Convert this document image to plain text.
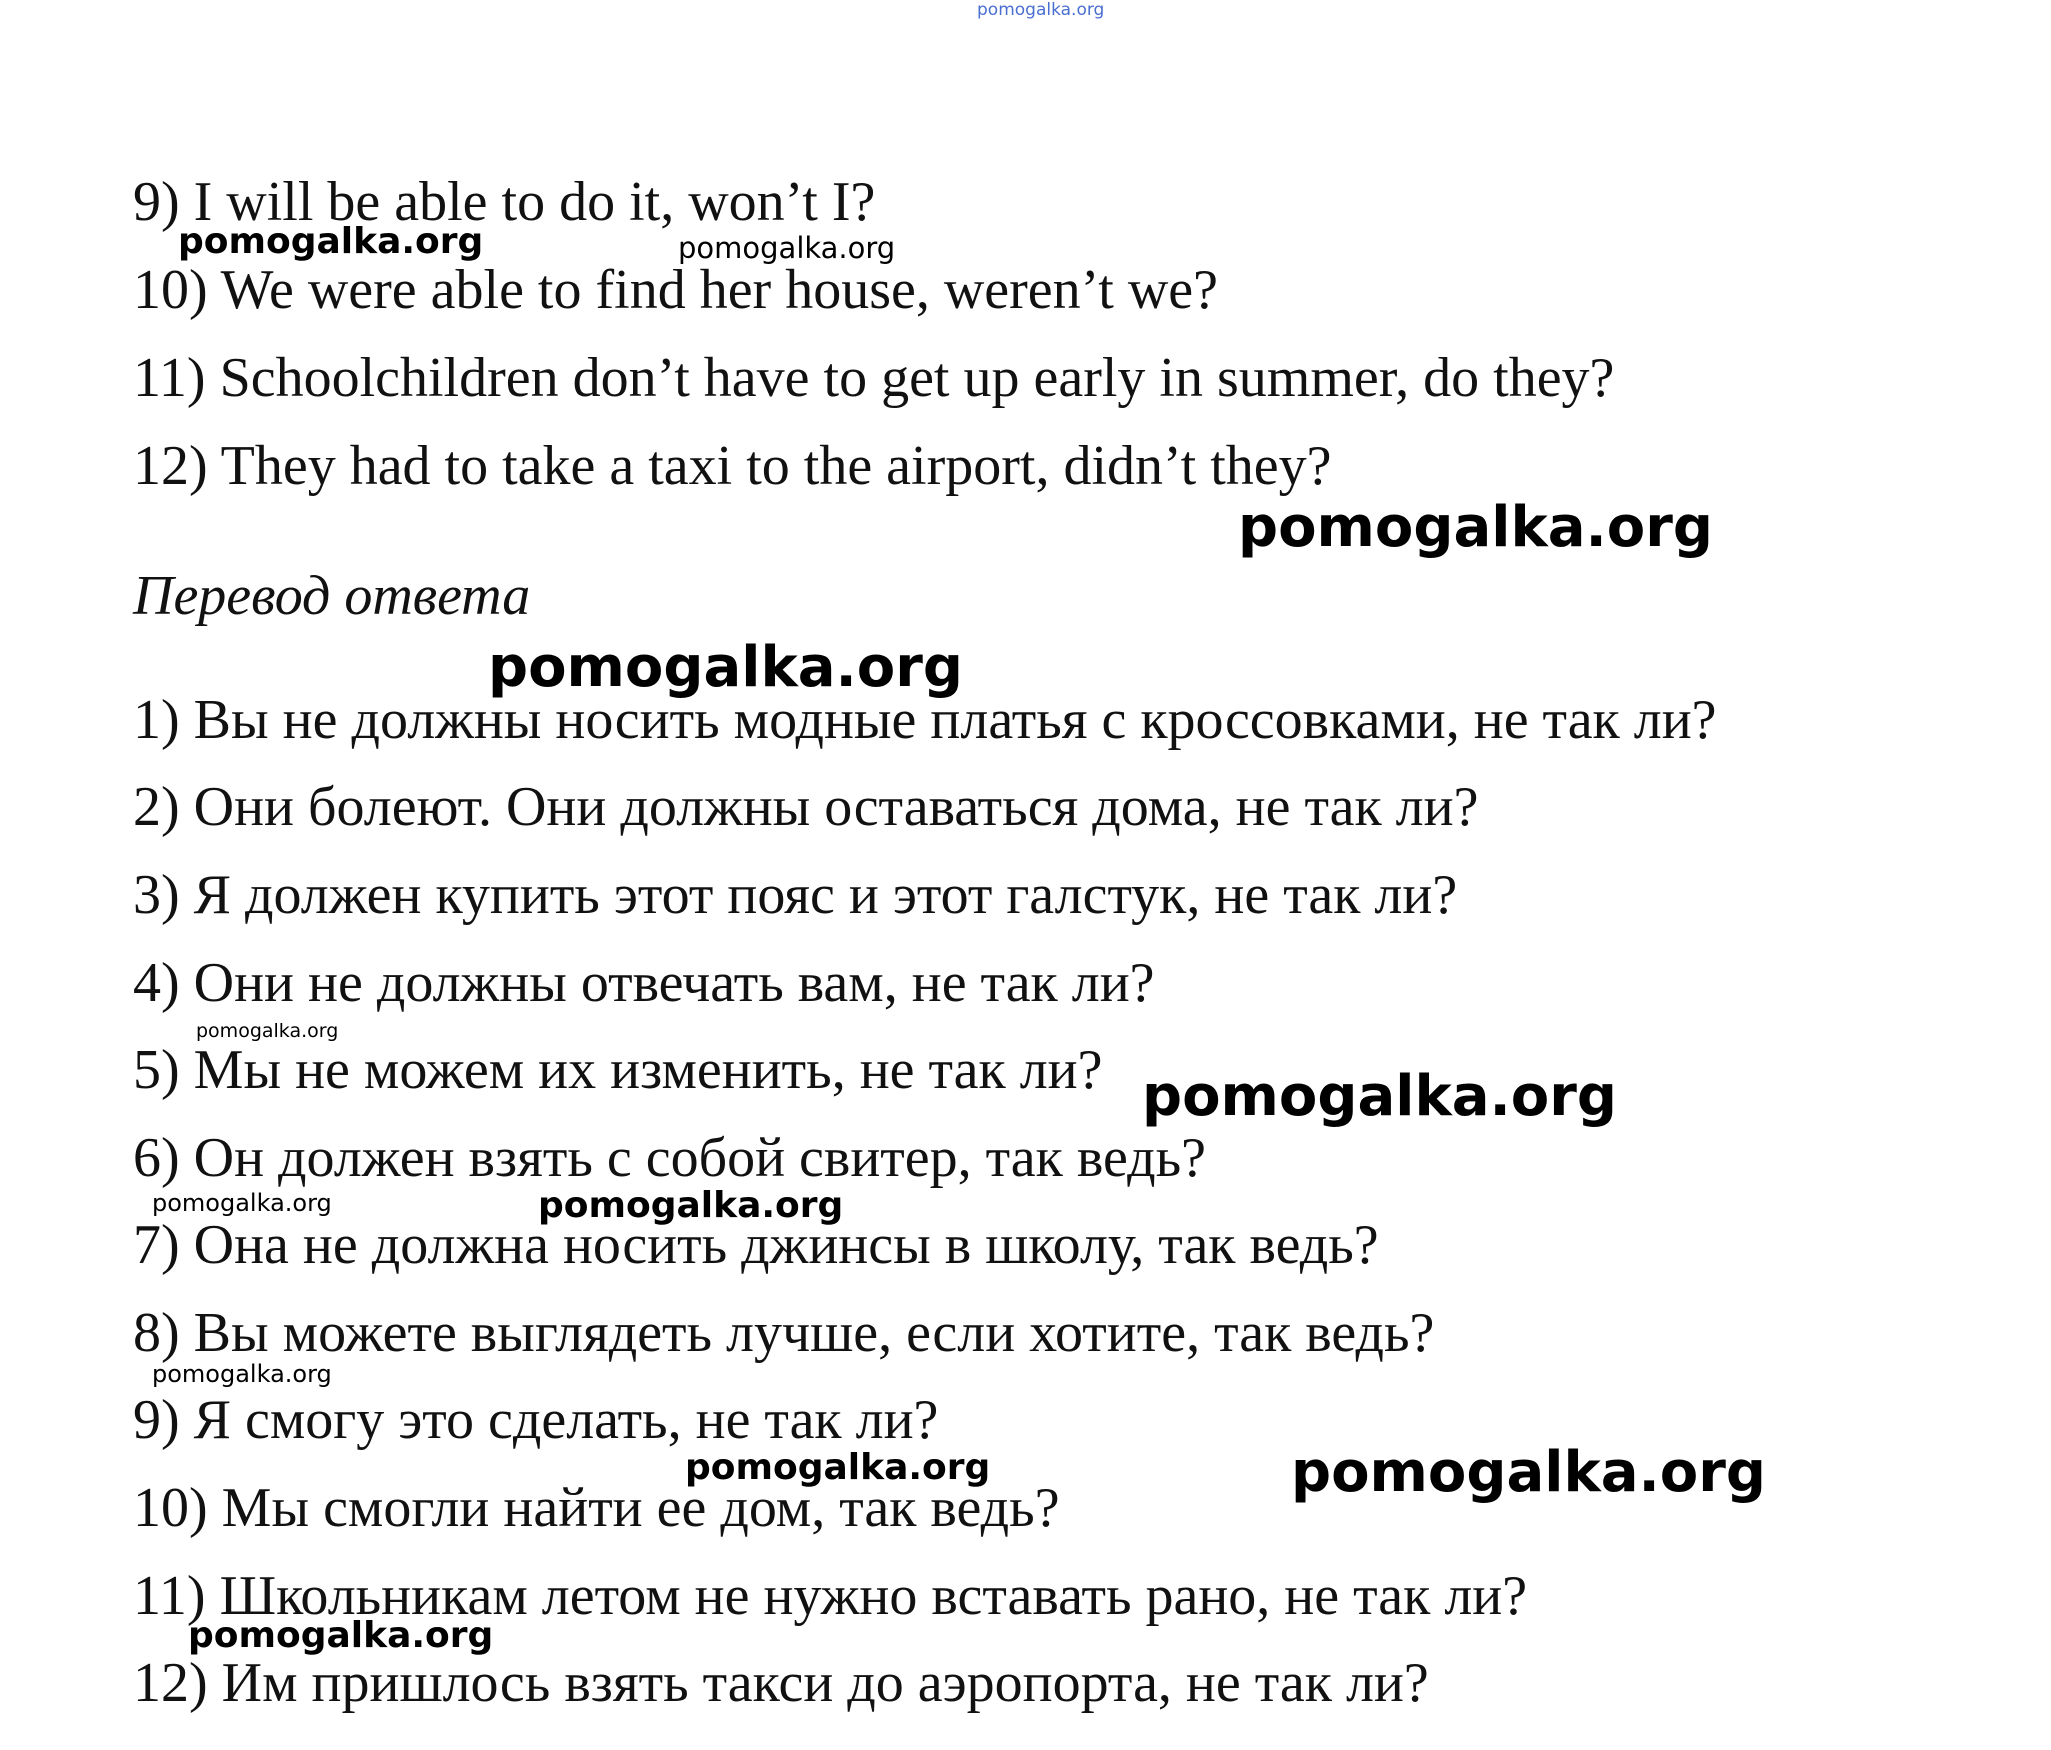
pomogalka.org
9) I will be able to do it, won’t I?
10) We were able to find her house, weren’t we?
11) Schoolchildren don’t have to get up early in summer, do they?
12) They had to take a taxi to the airport, didn’t they?
Перевод ответа
1) Вы не должны носить модные платья с кроссовками, не так ли?
2) Они болеют. Они должны оставаться дома, не так ли?
3) Я должен купить этот пояс и этот галстук, не так ли?
4) Они не должны отвечать вам, не так ли?
5) Мы не можем их изменить, не так ли?
6) Он должен взять с собой свитер, так ведь?
7) Она не должна носить джинсы в школу, так ведь?
8) Вы можете выглядеть лучше, если хотите, так ведь?
9) Я смогу это сделать, не так ли?
10) Мы смогли найти ее дом, так ведь?
11) Школьникам летом не нужно вставать рано, не так ли?
12) Им пришлось взять такси до аэропорта, не так ли?
pomogalka.org	pomogalka.org
pomogalka.org
pomogalka.org
pomogalka.org
pomogalka.org
pomogalka.org	pomogalka.org
pomogalka.org
pomogalka.org	pomogalka.org
pomogalka.org
